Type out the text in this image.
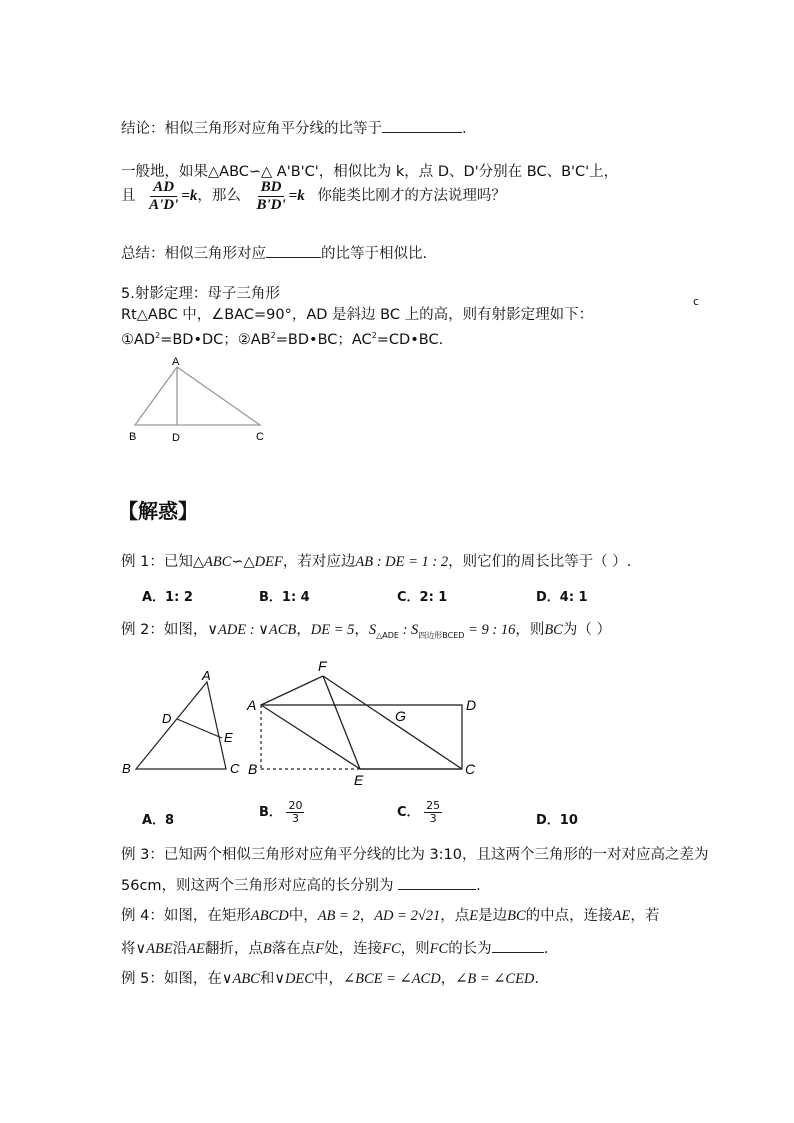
结论：相似三角形对应角平分线的比等于	.
一般地，如果△ABC∽△ A'B'C'，相似比为 k，点 D、D'分别在 BC、B'C'上，
且 $\frac{AD}{A'D'} =k$，那么 $\frac{BD}{B'D'} =k$ 你能类比刚才的方法说理吗？
总结：相似三角形对应	的比等于相似比.
5.射影定理：母子三角形	c
Rt△ABC 中，∠BAC=90°，AD 是斜边 BC 上的高，则有射影定理如下：
$①AD^2=BD•DC$；$②AB^2=BD•BC$；$AC^2=CD•BC$.
A
B	D	C
【解惑】
例 1：已知△ABC∽△DEF，若对应边AB : DE = 1 : 2，则它们的周长比等于（ ）.
A．1: 2	B．1: 4	C．2: 1	D．4: 1
例 2：如图，∨ADE : ∨ACB，DE = 5，$S_{\triangle ADE}$ : $S_{四边形BCED} = 9$ : 16，则BC为（ ）
A
D
E
B	C
F
A	D
G
B
E
C
A．8
B． $\frac{20}{3}$	C． $\frac{25}{3}$	D．10
例 3：已知两个相似三角形对应角平分线的比为 3:10，且这两个三角形的一对对应高之差为
56cm，则这两个三角形对应高的长分别为	.
例 4：如图，在矩形ABCD中，AB = 2，AD = 2√21，点E是边BC的中点，连接AE，若
将∨ABE沿AE翻折，点B落在点F处，连接FC，则FC的长为	.
例 5：如图，在∨ABC和∨DEC中，∠BCE = ∠ACD，∠B = ∠CED.
